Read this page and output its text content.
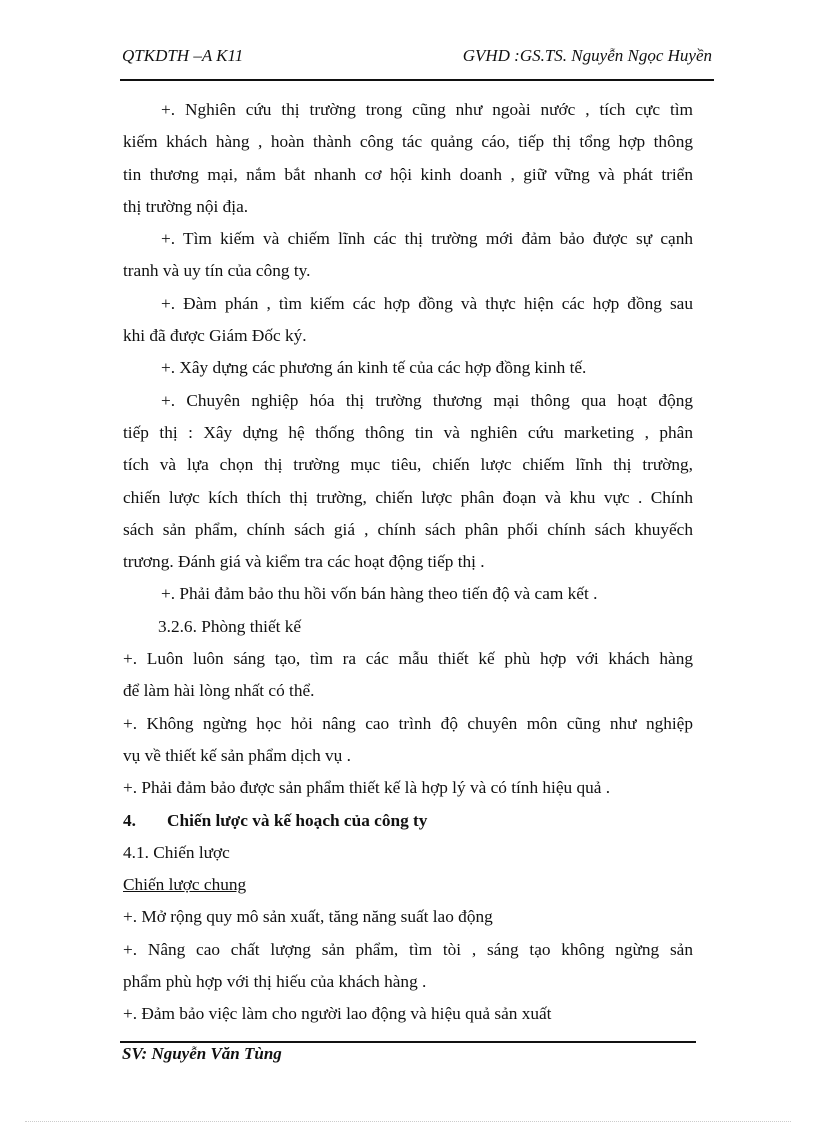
QTKDTH –A K11	GVHD :GS.TS. Nguyễn Ngọc Huyền
+. Nghiên cứu thị trường trong cũng như ngoài nước , tích cực tìm
kiếm khách hàng , hoàn thành công tác quảng cáo, tiếp thị tổng hợp thông
tin thương mại, nắm bắt nhanh cơ hội kinh doanh , giữ vững và phát triển
thị trường nội địa.
+. Tìm kiếm và chiếm lĩnh các thị trường mới đảm bảo được sự cạnh
tranh và uy tín của công ty.
+. Đàm phán , tìm kiếm các hợp đồng và thực hiện các hợp đồng sau
khi đã được Giám Đốc ký.
+. Xây dựng các phương án kinh tế của các hợp đồng kinh tế.
+. Chuyên nghiệp hóa thị trường thương mại thông qua hoạt động
tiếp thị : Xây dựng hệ thống thông tin và nghiên cứu marketing , phân
tích và lựa chọn thị trường mục tiêu, chiến lược chiếm lĩnh thị trường,
chiến lược kích thích thị trường, chiến lược phân đoạn và khu vực . Chính
sách sản phẩm, chính sách giá , chính sách phân phối chính sách khuyếch
trương. Đánh giá và kiểm tra các hoạt động tiếp thị .
+. Phải đảm bảo thu hồi vốn bán hàng theo tiến độ và cam kết .
3.2.6. Phòng thiết kế
+. Luôn luôn sáng tạo, tìm ra các mẫu thiết kế phù hợp với khách hàng
để làm hài lòng nhất có thể.
+. Không ngừng học hỏi nâng cao trình độ chuyên môn cũng như nghiệp
vụ về thiết kế sản phẩm dịch vụ .
+. Phải đảm bảo được sản phẩm thiết kế là hợp lý và có tính hiệu quả .
4. Chiến lược và kế hoạch của công ty
4.1. Chiến lược
Chiến lược chung
+. Mở rộng quy mô sản xuất, tăng năng suất lao động
+. Nâng cao chất lượng sản phẩm, tìm tòi , sáng tạo không ngừng sản
phẩm phù hợp với thị hiếu của khách hàng .
+. Đảm bảo việc làm cho người lao động và hiệu quả sản xuất
SV: Nguyễn Văn Tùng
